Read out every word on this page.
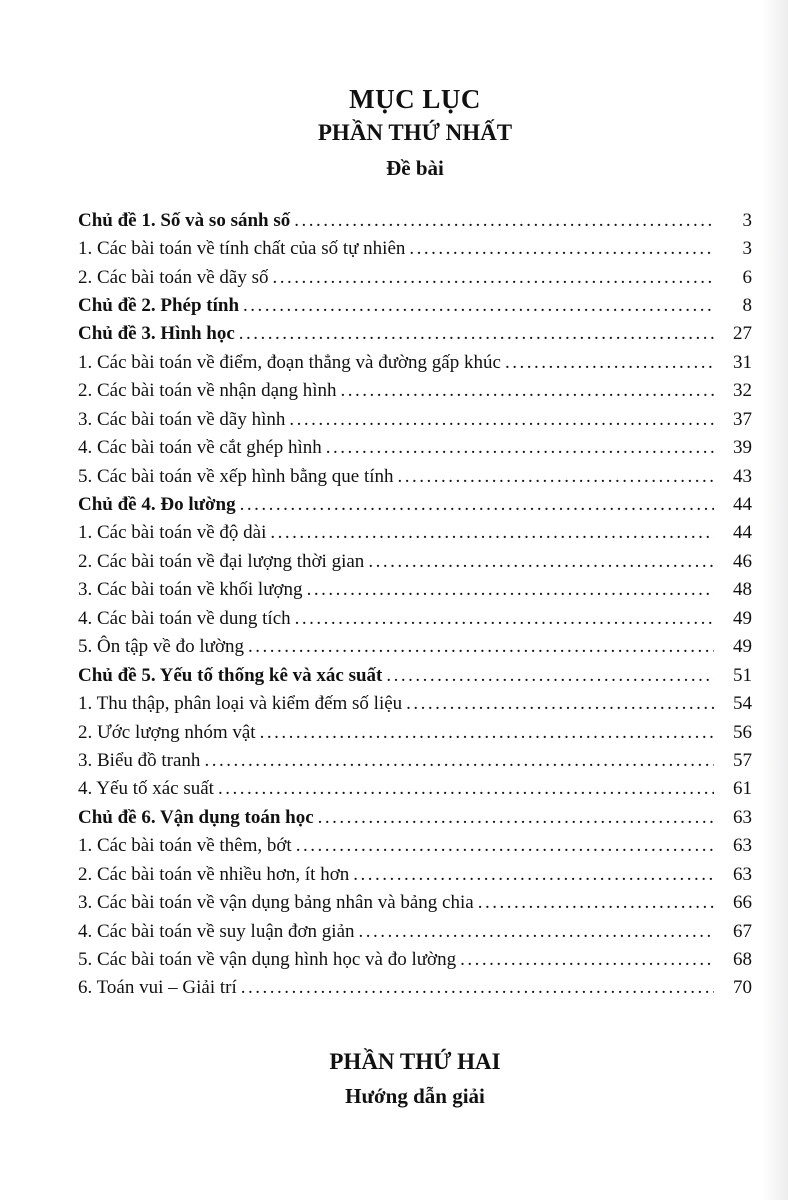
MỤC LỤC
PHẦN THỨ NHẤT
Đề bài
Chủ đề 1. Số và so sánh số .....	3
1. Các bài toán về tính chất của số tự nhiên .....	3
2. Các bài toán về dãy số .....	6
Chủ đề 2. Phép tính .....	8
Chủ đề 3. Hình học .....	27
1. Các bài toán về điểm, đoạn thẳng và đường gấp khúc .....	31
2. Các bài toán về nhận dạng hình .....	32
3. Các bài toán về dãy hình .....	37
4. Các bài toán về cắt ghép hình .....	39
5. Các bài toán về xếp hình bằng que tính .....	43
Chủ đề 4. Đo lường .....	44
1. Các bài toán về độ dài .....	44
2. Các bài toán về đại lượng thời gian .....	46
3. Các bài toán về khối lượng .....	48
4. Các bài toán về dung tích .....	49
5. Ôn tập về đo lường .....	49
Chủ đề 5. Yếu tố thống kê và xác suất .....	51
1. Thu thập, phân loại và kiểm đếm số liệu .....	54
2. Ước lượng nhóm vật .....	56
3. Biểu đồ tranh .....	57
4. Yếu tố xác suất .....	61
Chủ đề 6. Vận dụng toán học .....	63
1. Các bài toán về thêm, bớt .....	63
2. Các bài toán về nhiều hơn, ít hơn .....	63
3. Các bài toán về vận dụng bảng nhân và bảng chia .....	66
4. Các bài toán về suy luận đơn giản .....	67
5. Các bài toán về vận dụng hình học và đo lường .....	68
6. Toán vui – Giải trí .....	70
PHẦN THỨ HAI
Hướng dẫn giải
